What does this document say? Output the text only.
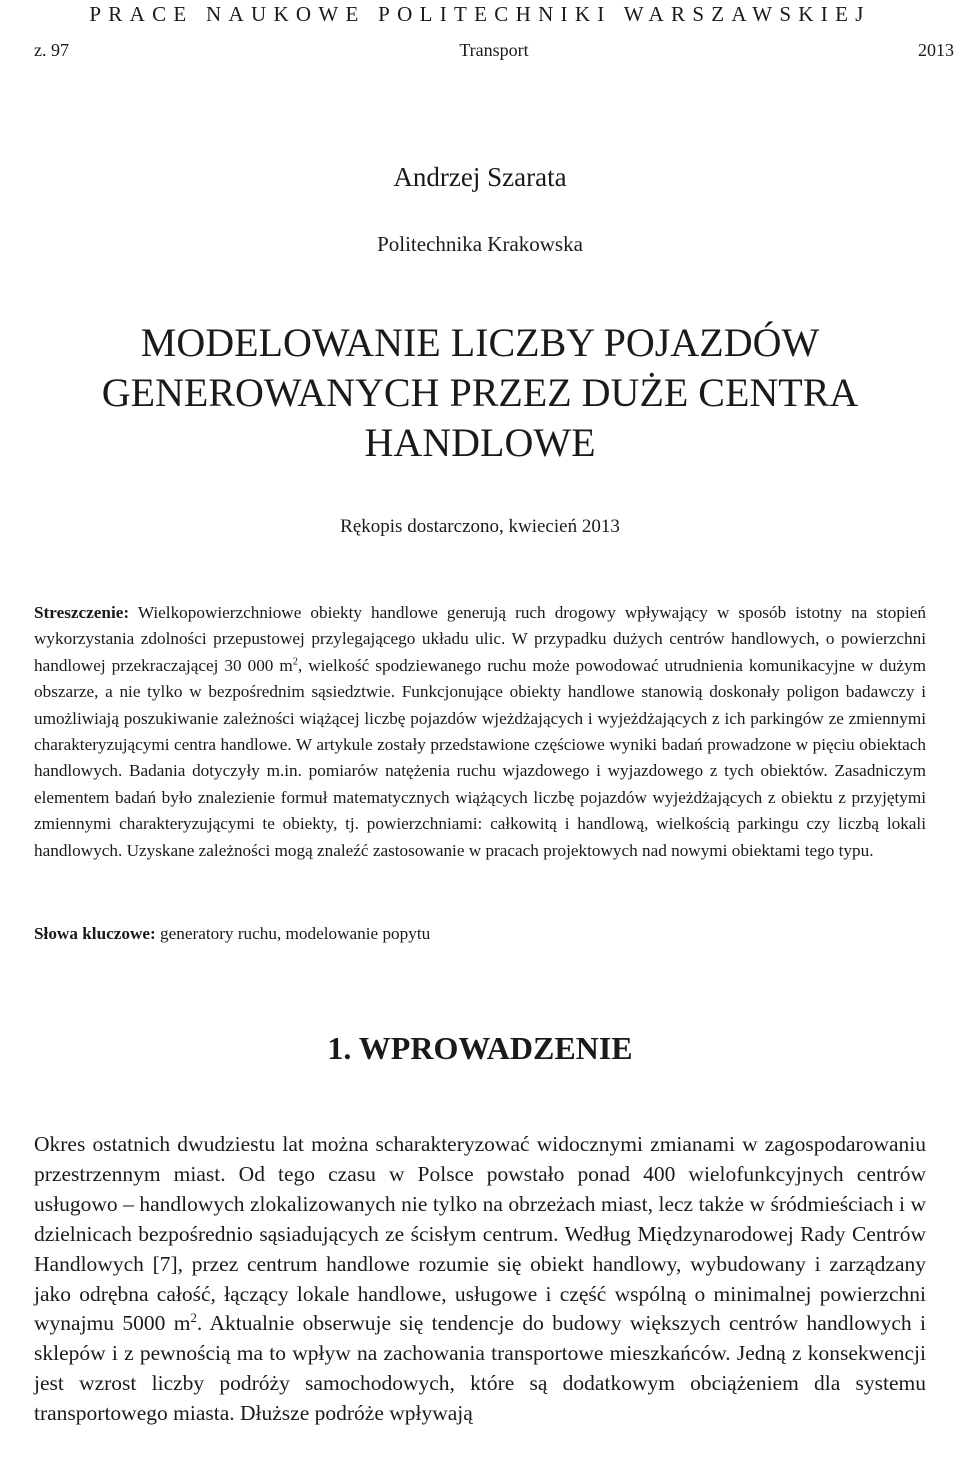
PRACE NAUKOWE POLITECHNIKI WARSZAWSKIEJ
z. 97	Transport	2013
Andrzej Szarata
Politechnika Krakowska
MODELOWANIE LICZBY POJAZDÓW GENEROWANYCH PRZEZ DUŻE CENTRA HANDLOWE
Rękopis dostarczono, kwiecień 2013
Streszczenie: Wielkopowierzchniowe obiekty handlowe generują ruch drogowy wpływający w sposób istotny na stopień wykorzystania zdolności przepustowej przylegającego układu ulic. W przypadku dużych centrów handlowych, o powierzchni handlowej przekraczającej 30 000 $m^2$, wielkość spodziewanego ruchu może powodować utrudnienia komunikacyjne w dużym obszarze, a nie tylko w bezpośrednim sąsiedztwie. Funkcjonujące obiekty handlowe stanowią doskonały poligon badawczy i umożliwiają poszukiwanie zależności wiążącej liczbę pojazdów wjeżdżających i wyjeżdżających z ich parkingów ze zmiennymi charakteryzującymi centra handlowe. W artykule zostały przedstawione częściowe wyniki badań prowadzone w pięciu obiektach handlowych. Badania dotyczyły m.in. pomiarów natężenia ruchu wjazdowego i wyjazdowego z tych obiektów. Zasadniczym elementem badań było znalezienie formuł matematycznych wiążących liczbę pojazdów wyjeżdżających z obiektu z przyjętymi zmiennymi charakteryzującymi te obiekty, tj. powierzchniami: całkowitą i handlową, wielkością parkingu czy liczbą lokali handlowych. Uzyskane zależności mogą znaleźć zastosowanie w pracach projektowych nad nowymi obiektami tego typu.
Słowa kluczowe: generatory ruchu, modelowanie popytu
1. WPROWADZENIE
Okres ostatnich dwudziestu lat można scharakteryzować widocznymi zmianami w zagospodarowaniu przestrzennym miast. Od tego czasu w Polsce powstało ponad 400 wielofunkcyjnych centrów usługowo – handlowych zlokalizowanych nie tylko na obrzeżach miast, lecz także w śródmieściach i w dzielnicach bezpośrednio sąsiadujących ze ścisłym centrum. Według Międzynarodowej Rady Centrów Handlowych [7], przez centrum handlowe rozumie się obiekt handlowy, wybudowany i zarządzany jako odrębna całość, łączący lokale handlowe, usługowe i część wspólną o minimalnej powierzchni wynajmu 5000 $m^2$. Aktualnie obserwuje się tendencje do budowy większych centrów handlowych i sklepów i z pewnością ma to wpływ na zachowania transportowe mieszkańców. Jedną z konsekwencji jest wzrost liczby podróży samochodowych, które są dodatkowym obciążeniem dla systemu transportowego miasta. Dłuższe podróże wpływają
